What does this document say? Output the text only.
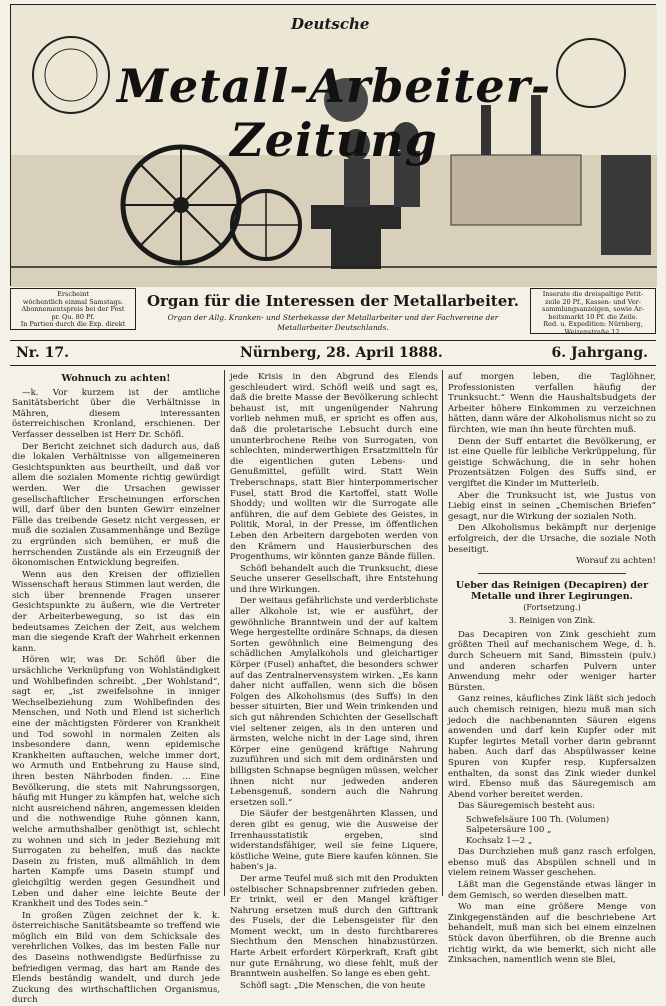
Deutsche
Metall-Arbeiter-Zeitung
Erscheint
wöchentlich einmal Samstags.
Abonnementspreis bei der Post
pr. Qu. 80 Pf.
In Partien durch die Exp. direkt
Inserate die dreispaltige Petit-
zeile 20 Pf., Kassen- und Ver-
sammlungsanzeigen, sowie Ar-
beitsmarkt 10 Pf. die Zeile.
Red. u. Expedition: Nürnberg,
Weizenstraße 12.
Organ für die Interessen der Metallarbeiter.
Organ der Allg. Kranken- und Sterbekasse der Metallarbeiter und der Fachvereine der
Metallarbeiter Deutschlands.
Nr. 17.	Nürnberg, 28. April 1888.	6. Jahrgang.
Wohnuch zu achten!

—k. Vor kurzem ist der amtliche Sanitätsbericht über die Verhältnisse in Mähren, diesem interessanten österreichischen Kronland, erschienen. Der Verfasser desselben ist Herr Dr. Schöfl.

Der Bericht zeichnet sich dadurch aus, daß die lokalen Verhältnisse von allgemeineren Gesichtspunkten aus beurtheilt, und daß vor allem die sozialen Momente richtig gewürdigt werden. Wer die Ursachen gewisser gesellschaftlicher Erscheinungen erforschen will, darf über den bunten Gewirr einzelner Fälle das treibende Gesetz nicht vergessen, er muß die sozialen Zusammenhänge und Bezüge zu ergründen sich bemühen, er muß die herrschenden Zustände als ein Erzeugniß der ökonomischen Entwicklung begreifen.

Wenn aus den Kreisen der offiziellen Wissenschaft heraus Stimmen laut werden, die sich über brennende Fragen unserer Gesichtspunkte zu äußern, wie die Vertreter der Arbeiterbewegung, so ist das ein bedeutsames Zeichen der Zeit, aus welchem man die siegende Kraft der Wahrheit erkennen kann.

Hören wir, was Dr. Schöfl über die ursächliche Verknüpfung von Wohlständigkeit und Wohlbefinden schreibt. „Der Wohlstand“, sagt er, „ist zweifelsohne in inniger Wechselbeziehung zum Wohlbefinden des Menschen, und Noth und Elend ist sicherlich eine der mächtigsten Förderer von Krankheit und Tod sowohl in normalen Zeiten als insbesondere dann, wenn epidemische Krankheiten auftauchen, welche immer dort, wo Armuth und Entbehrung zu Hause sind, ihren besten Nährboden finden. ... Eine Bevölkerung, die stets mit Nahrungssorgen, häufig mit Hunger zu kämpfen hat, welche sich nicht ausreichend nähren, angemessen kleiden und die nothwendige Ruhe gönnen kann, welche armuthshalber genöthigt ist, schlecht zu wohnen und sich in jeder Beziehung mit Surrogaten zu behelfen, muß das nackte Dasein zu fristen, muß allmählich in dem harten Kampfe ums Dasein stumpf und gleichgiltig werden gegen Gesundheit und Leben und daher eine leichte Beute der Krankheit und des Todes sein.“

In großen Zügen zeichnet der k. k. österreichische Sanitätsbeamte so treffend wie möglich ein Bild von dem Schicksale des verehrlichen Volkes, das im besten Falle nur des Daseins nothwendigste Bedürfnisse zu befriedigen vermag, das hart am Rande des Elends beständig wandelt, und durch jede Zuckung des wirthschaftlichen Organismus, durch

jede Krisis in den Abgrund des Elends geschleudert wird. Schöfl weiß und sagt es, daß die breite Masse der Bevölkerung schlecht behaust ist, mit ungenügender Nahrung vorlieb nehmen muß, er spricht es offen aus, daß die proletarische Lebsucht durch eine ununterbrochene Reihe von Surrogaten, von schlechten, minderwerthigen Ersatzmitteln für die eigentlichen guten Lebens- und Genußmittel, gefüllt wird. Statt Wein Treberschnaps, statt Bier hinterpommerischer Fusel, statt Brod die Kartoffel, statt Wolle Shoddy; und wollten wir die Surrogate alle anführen, die auf dem Gebiete des Geistes, in Politik, Moral, in der Presse, im öffentlichen Leben den Arbeitern dargeboten werden von den Krämern und Hausierburschen des Progenthums, wir könnten ganze Bände füllen.

Schöfl behandelt auch die Trunksucht, diese Seuche unserer Gesellschaft, ihre Entstehung und ihre Wirkungen.

Der weitaus gefährlichste und verderblichste aller Alkohole ist, wie er ausführt, der gewöhnliche Branntwein und der auf kaltem Wege hergestellte ordinäre Schnaps, da diesen Sorten gewöhnlich eine Beimengung des schädlichen Amylalkohols und gleichartiger Körper (Fusel) anhaftet, die besonders schwer auf das Zentralnervensystem wirken. „Es kann daher nicht auffallen, wenn sich die bösen Folgen des Alkoholismus (des Suffs) in den besser situirten, Bier und Wein trinkenden und sich gut nährenden Schichten der Gesellschaft viel seltener zeigen, als in den unteren und ärmsten, welche nicht in der Lage sind, ihren Körper eine genügend kräftige Nahrung zuzuführen und sich mit dem ordinärsten und billigsten Schnapse begnügen müssen, welcher ihnen nicht nur jedweden anderen Lebensgenuß, sondern auch die Nahrung ersetzen soll.“

Die Säufer der bestgenährten Klassen, und deren gibt es genug, wie die Ausweise der Irrenhausstatistik ergeben, sind widerstandsfähiger, weil sie feine Liquere, köstliche Weine, gute Biere kaufen können. Sie haben's ja.

Der arme Teufel muß sich mit den Produkten ostelbischer Schnapsbrenner zufrieden geben. Er trinkt, weil er den Mangel kräftiger Nahrung ersetzen muß durch den Gifttrank des Fusels, der die Lebensgeister für den Moment weckt, um in desto furchtbareres Siechthum den Menschen hinabzustürzen. Harte Arbeit erfordert Körperkraft, Kraft gibt nur gute Ernährung, wo diese fehlt, muß der Branntwein aushelfen. So lange es eben geht.

Schöfl sagt: „Die Menschen, die von heute

auf morgen leben, die Taglöhner, Professionisten verfallen häufig der Trunksucht.“ Wenn die Haushaltsbudgets der Arbeiter höhere Einkommen zu verzeichnen hätten, dann wäre der Alkoholismus nicht so zu fürchten, wie man ihn heute fürchten muß.

Denn der Suff entartet die Bevölkerung, er ist eine Quelle für leibliche Verkrüppelung, für geistige Schwächung, die in sehr hohen Prozentsätzen Folgen des Suffs sind, er vergiftet die Kinder im Mutterleib.

Aber die Trunksucht ist, wie Justus von Liebig einst in seinen „Chemischen Briefen“ gesagt, nur die Wirkung der sozialen Noth.

Den Alkoholismus bekämpft nur derjenige erfolgreich, der die Ursache, die soziale Noth beseitigt.

Worauf zu achten!

Ueber das Reinigen (Decapiren) der Metalle und ihrer Legirungen.
(Fortsetzung.)
3. Reinigen von Zink.

Das Decapiren von Zink geschieht zum größten Theil auf mechanischem Wege, d. h. durch Scheuern mit Sand, Bimsstein (pulv.) und anderen scharfen Pulvern unter Anwendung mehr oder weniger harter Bürsten.

Ganz reines, käufliches Zink läßt sich jedoch auch chemisch reinigen, hiezu muß man sich jedoch die nachbenannten Säuren eigens anwenden und darf kein Kupfer oder mit Kupfer legirtes Metall vorher darin gebrannt haben. Auch darf das Abspülwasser keine Spuren von Kupfer resp. Kupfersalzen enthalten, da sonst das Zink wieder dunkel wird. Ebenso muß das Säuregemisch am Abend vorher bereitet werden.

Das Säuregemisch besteht aus:

Schwefelsäure 100 Th. (Volumen)
Salpetersäure 100 „
Kochsalz 1—2 „

Das Durchziehen muß ganz rasch erfolgen, ebenso muß das Abspülen schnell und in vielem reinem Wasser geschehen.

Läßt man die Gegenstände etwas länger in dem Gemisch, so werden dieselben matt.

Wo man eine größere Menge von Zinkgegenständen auf die beschriebene Art behandelt, muß man sich bei einem einzelnen Stück davon überführen, ob die Brenne auch richtig wirkt, da wie bemerkt, sich nicht alle Zinksachen, namentlich wenn sie Blei,
